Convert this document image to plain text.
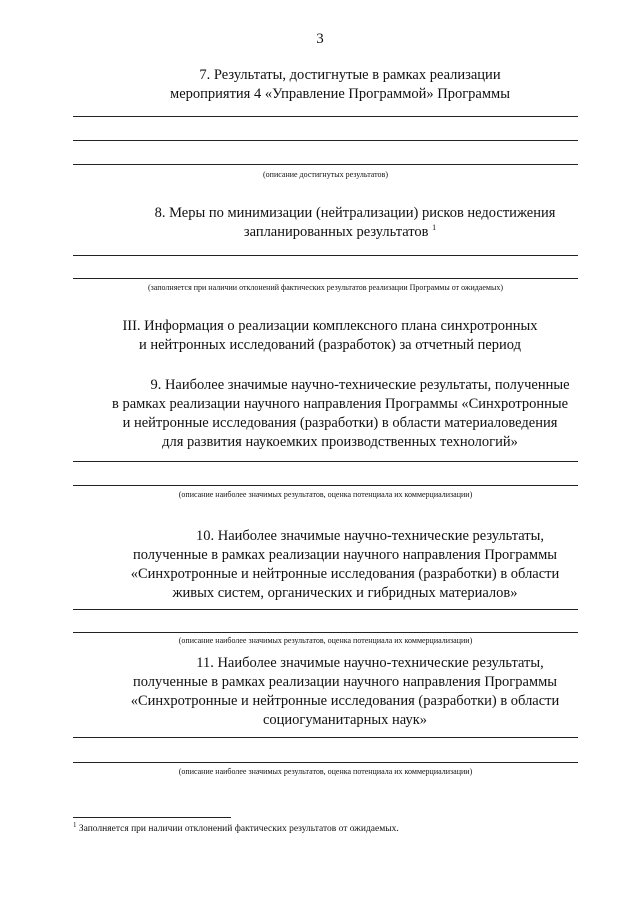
3
7. Результаты, достигнутые в рамках реализации
мероприятия 4 «Управление Программой» Программы
(описание достигнутых результатов)
8. Меры по минимизации (нейтрализации) рисков недостижения
запланированных результатов $^1$
(заполняется при наличии отклонений фактических результатов реализации Программы от ожидаемых)
III. Информация о реализации комплексного плана синхротронных
и нейтронных исследований (разработок) за отчетный период
9. Наиболее значимые научно-технические результаты, полученные
в рамках реализации научного направления Программы «Синхротронные
и нейтронные исследования (разработки) в области материаловедения
для развития наукоемких производственных технологий»
(описание наиболее значимых результатов, оценка потенциала их коммерциализации)
10. Наиболее значимые научно-технические результаты,
полученные в рамках реализации научного направления Программы
«Синхротронные и нейтронные исследования (разработки) в области
живых систем, органических и гибридных материалов»
(описание наиболее значимых результатов, оценка потенциала их коммерциализации)
11. Наиболее значимые научно-технические результаты,
полученные в рамках реализации научного направления Программы
«Синхротронные и нейтронные исследования (разработки) в области
социогуманитарных наук»
(описание наиболее значимых результатов, оценка потенциала их коммерциализации)
$^1$ Заполняется при наличии отклонений фактических результатов от ожидаемых.
